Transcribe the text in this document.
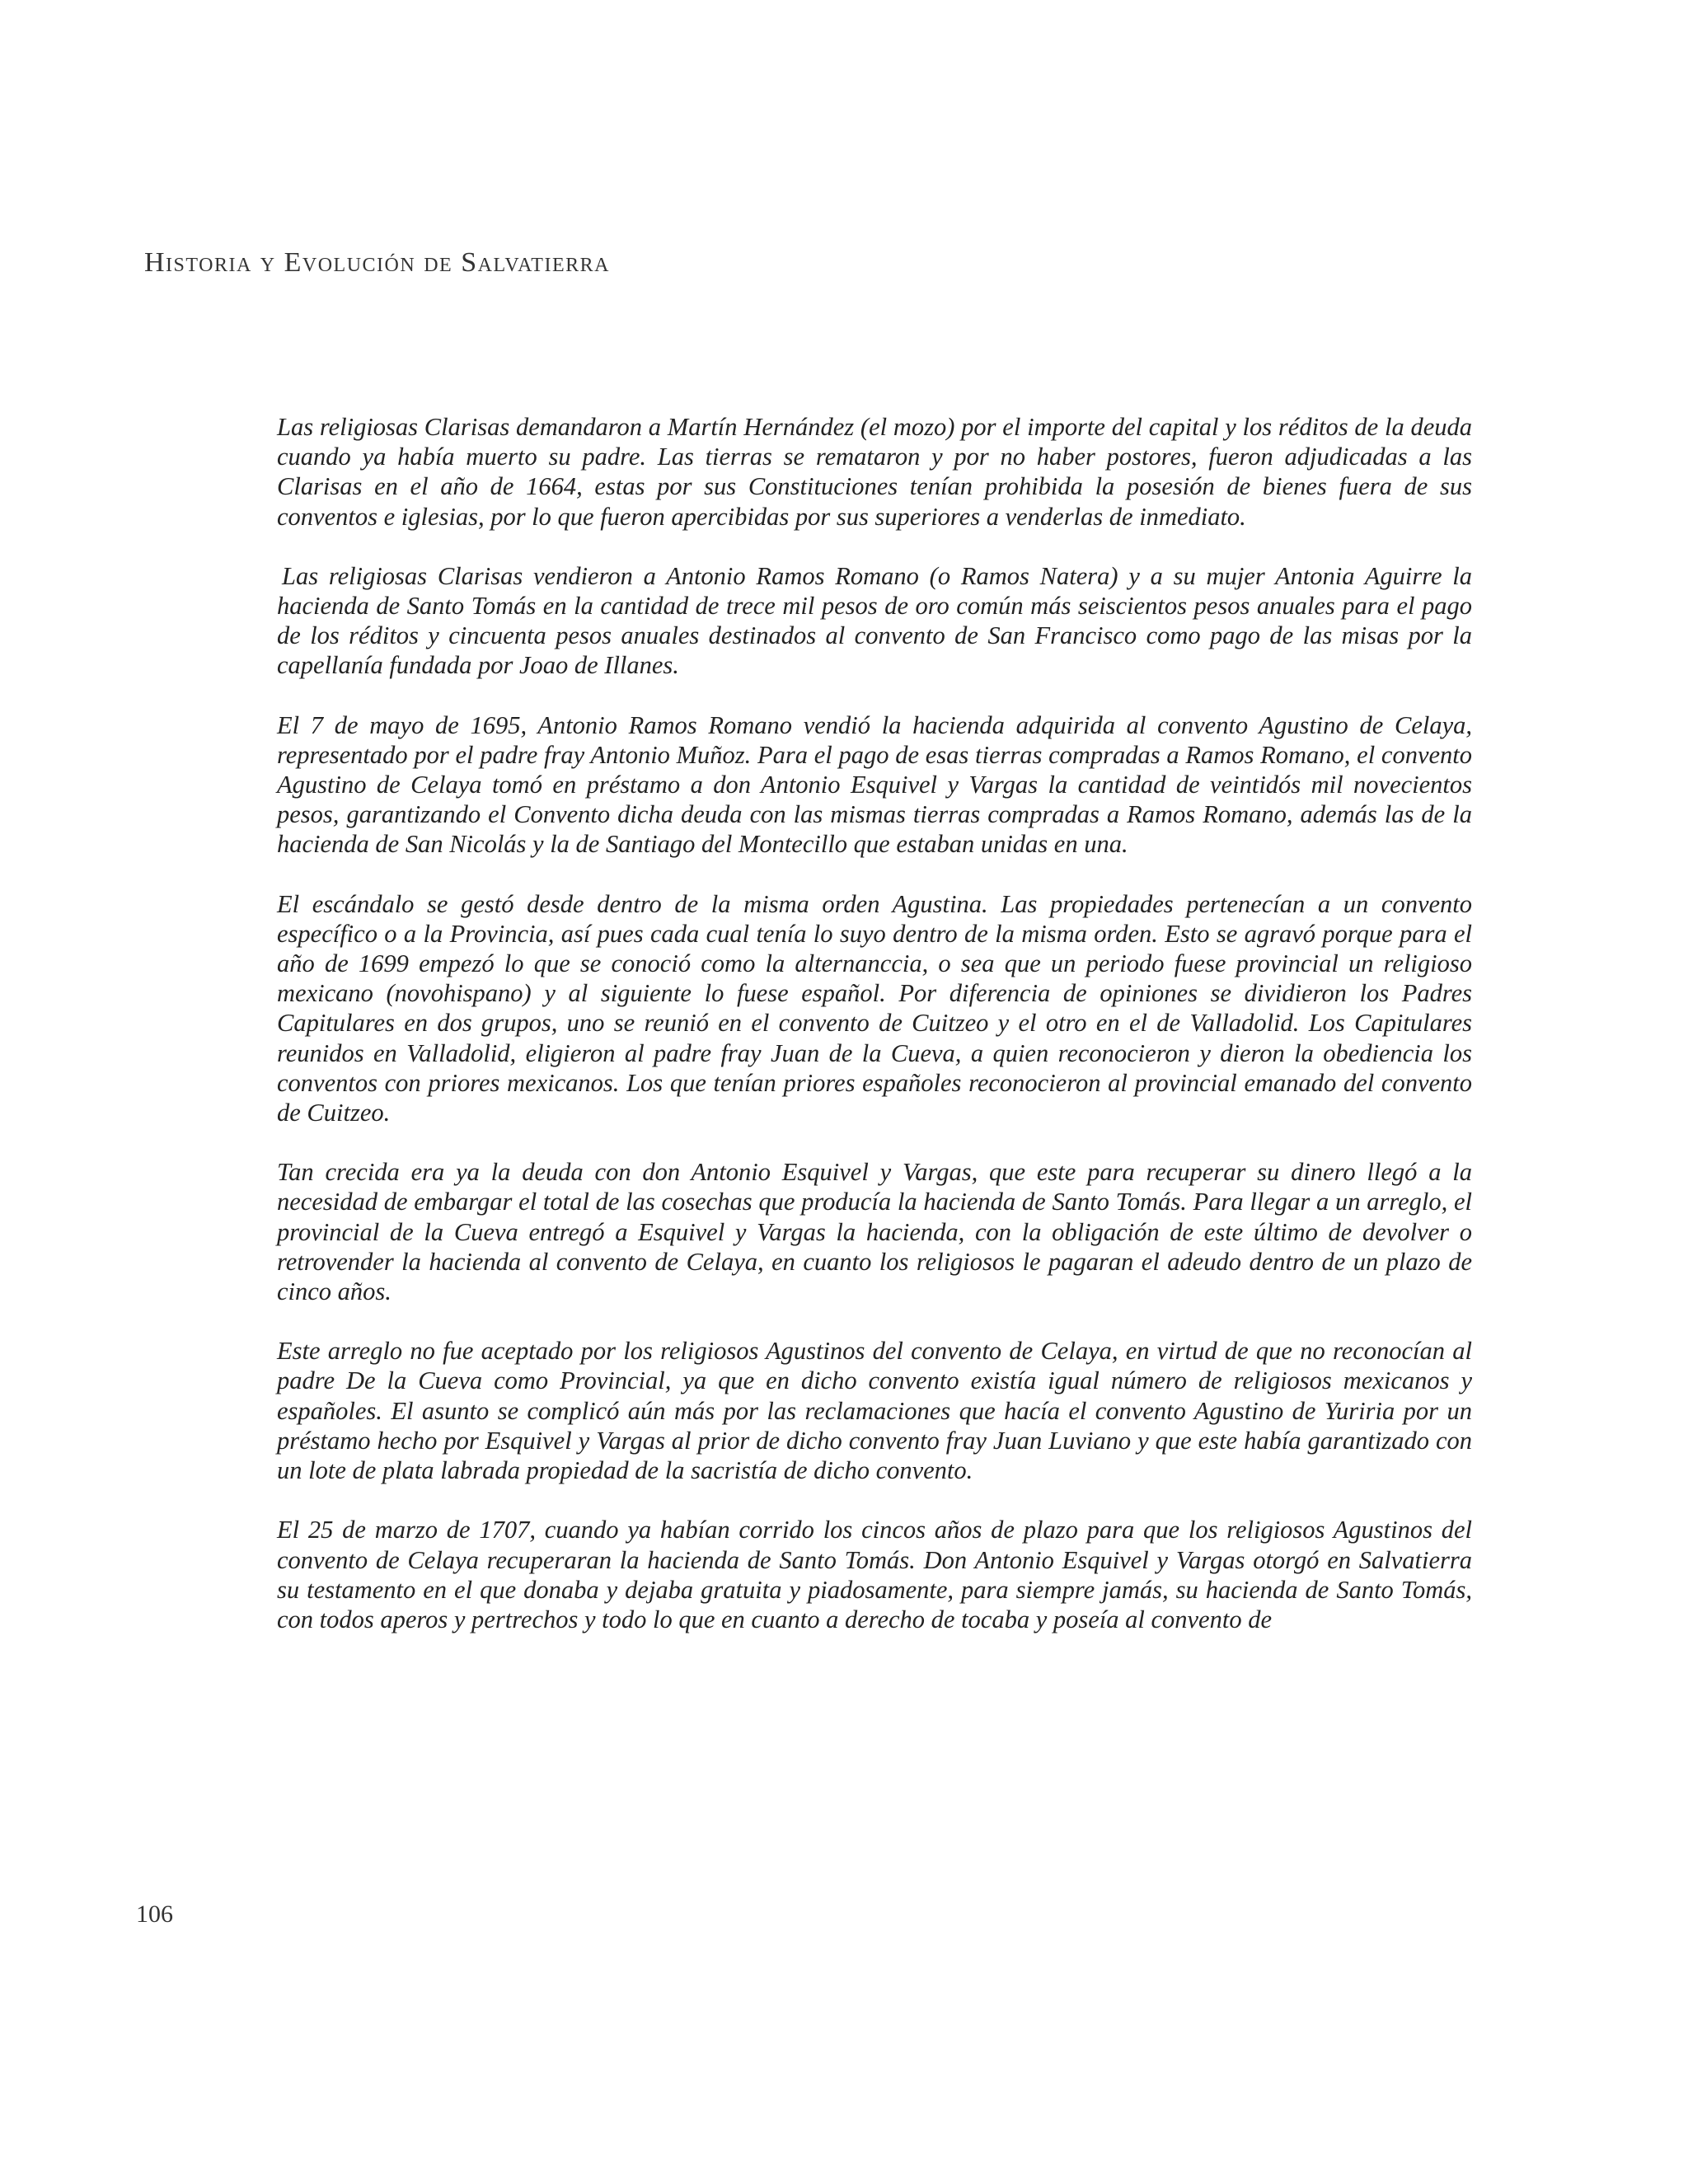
Historia y Evolución de Salvatierra

Las religiosas Clarisas demandaron a Martín Hernández (el mozo) por el importe del capital y los réditos de la deuda cuando ya había muerto su padre. Las tierras se remataron y por no haber postores, fueron adjudicadas a las Clarisas en el año de 1664, estas por sus Constituciones tenían prohibida la posesión de bienes fuera de sus conventos e iglesias, por lo que fueron apercibidas por sus superiores a venderlas de inmediato.

Las religiosas Clarisas vendieron a Antonio Ramos Romano (o Ramos Natera) y a su mujer Antonia Aguirre la hacienda de Santo Tomás en la cantidad de trece mil pesos de oro común más seiscientos pesos anuales para el pago de los réditos y cincuenta pesos anuales destinados al convento de San Francisco como pago de las misas por la capellanía fundada por Joao de Illanes.

El 7 de mayo de 1695, Antonio Ramos Romano vendió la hacienda adquirida al convento Agustino de Celaya, representado por el padre fray Antonio Muñoz. Para el pago de esas tierras compradas a Ramos Romano, el convento Agustino de Celaya tomó en préstamo a don Antonio Esquivel y Vargas la cantidad de veintidós mil novecientos pesos, garantizando el Convento dicha deuda con las mismas tierras compradas a Ramos Romano, además las de la hacienda de San Nicolás y la de Santiago del Montecillo que estaban unidas en una.

El escándalo se gestó desde dentro de la misma orden Agustina. Las propiedades pertenecían a un convento específico o a la Provincia, así pues cada cual tenía lo suyo dentro de la misma orden. Esto se agravó porque para el año de 1699 empezó lo que se conoció como la alternanccia, o sea que un periodo fuese provincial un religioso mexicano (novohispano) y al siguiente lo fuese español. Por diferencia de opiniones se dividieron los Padres Capitulares en dos grupos, uno se reunió en el convento de Cuitzeo y el otro en el de Valladolid. Los Capitulares reunidos en Valladolid, eligieron al padre fray Juan de la Cueva, a quien reconocieron y dieron la obediencia los conventos con priores mexicanos. Los que tenían priores españoles reconocieron al provincial emanado del convento de Cuitzeo.

Tan crecida era ya la deuda con don Antonio Esquivel y Vargas, que este para recuperar su dinero llegó a la necesidad de embargar el total de las cosechas que producía la hacienda de Santo Tomás. Para llegar a un arreglo, el provincial de la Cueva entregó a Esquivel y Vargas la hacienda, con la obligación de este último de devolver o retrovender la hacienda al convento de Celaya, en cuanto los religiosos le pagaran el adeudo dentro de un plazo de cinco años.

Este arreglo no fue aceptado por los religiosos Agustinos del convento de Celaya, en virtud de que no reconocían al padre De la Cueva como Provincial, ya que en dicho convento existía igual número de religiosos mexicanos y españoles. El asunto se complicó aún más por las reclamaciones que hacía el convento Agustino de Yuriria por un préstamo hecho por Esquivel y Vargas al prior de dicho convento fray Juan Luviano y que este había garantizado con un lote de plata labrada propiedad de la sacristía de dicho convento.

El 25 de marzo de 1707, cuando ya habían corrido los cincos años de plazo para que los religiosos Agustinos del convento de Celaya recuperaran la hacienda de Santo Tomás. Don Antonio Esquivel y Vargas otorgó en Salvatierra su testamento en el que donaba y dejaba gratuita y piadosamente, para siempre jamás, su hacienda de Santo Tomás, con todos aperos y pertrechos y todo lo que en cuanto a derecho de tocaba y poseía al convento de

106
